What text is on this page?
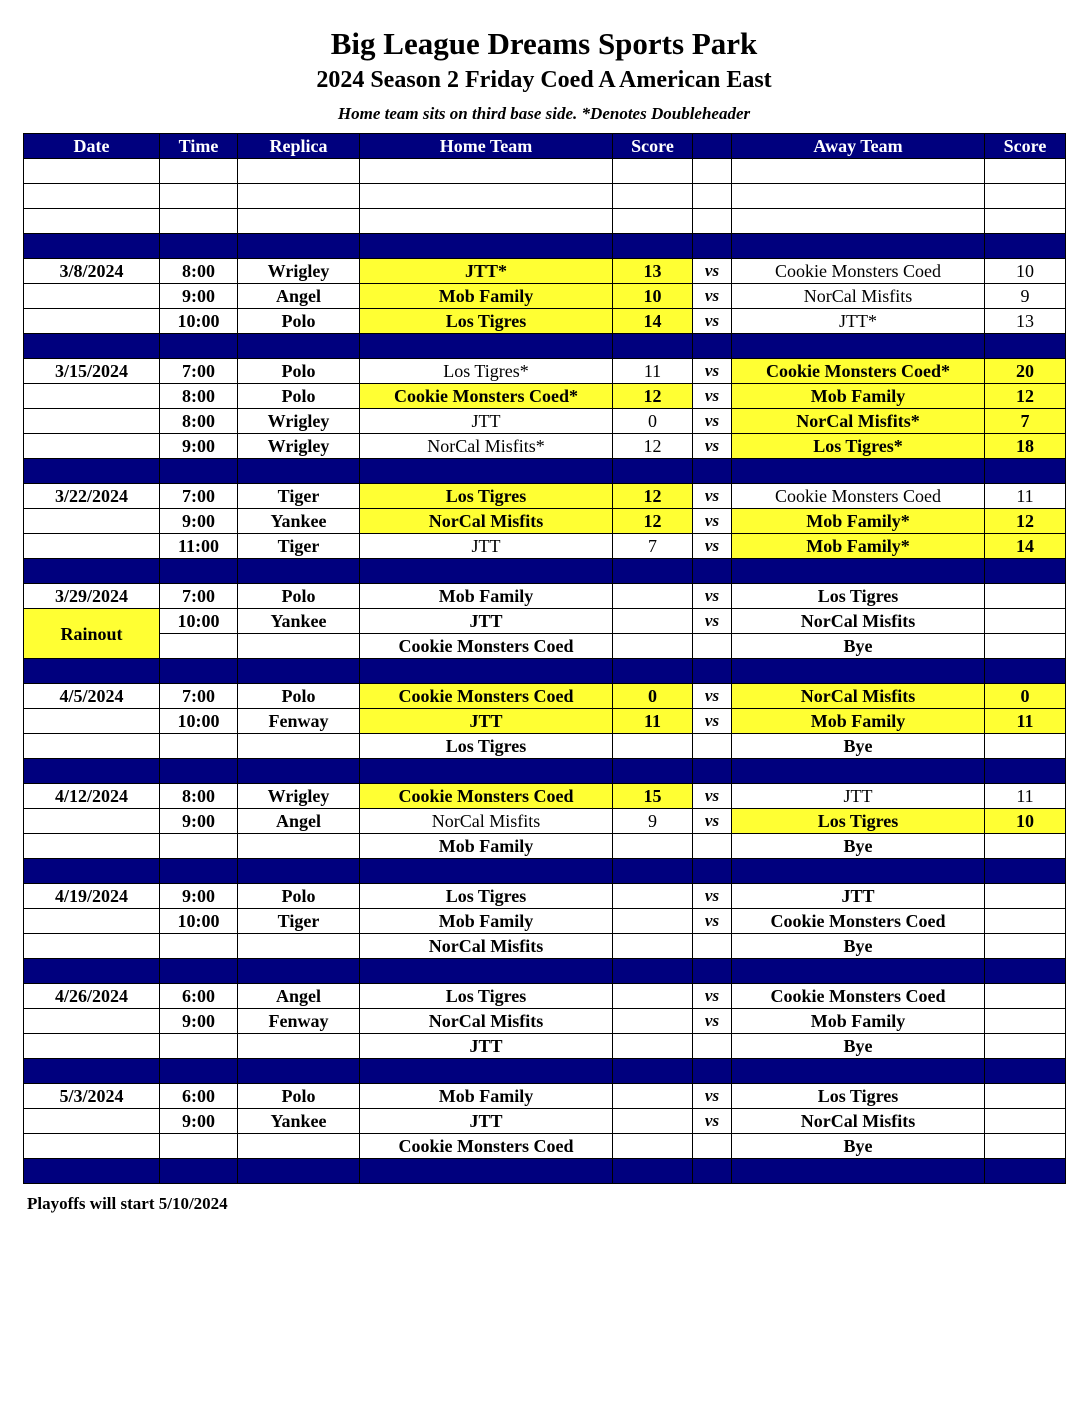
Big League Dreams Sports Park
2024 Season 2 Friday Coed A American East
Home team sits on third base side. *Denotes Doubleheader
Date	Time	Replica	Home Team	Score		Away Team	Score

3/8/2024	8:00	Wrigley	JTT*	13	vs	Cookie Monsters Coed	10
	9:00	Angel	Mob Family	10	vs	NorCal Misfits	9
	10:00	Polo	Los Tigres	14	vs	JTT*	13

3/15/2024	7:00	Polo	Los Tigres*	11	vs	Cookie Monsters Coed*	20
	8:00	Polo	Cookie Monsters Coed*	12	vs	Mob Family	12
	8:00	Wrigley	JTT	0	vs	NorCal Misfits*	7
	9:00	Wrigley	NorCal Misfits*	12	vs	Los Tigres*	18

3/22/2024	7:00	Tiger	Los Tigres	12	vs	Cookie Monsters Coed	11
	9:00	Yankee	NorCal Misfits	12	vs	Mob Family*	12
	11:00	Tiger	JTT	7	vs	Mob Family*	14

3/29/2024	7:00	Polo	Mob Family		vs	Los Tigres	
Rainout	10:00	Yankee	JTT		vs	NorCal Misfits	
			Cookie Monsters Coed			Bye	

4/5/2024	7:00	Polo	Cookie Monsters Coed	0	vs	NorCal Misfits	0
	10:00	Fenway	JTT	11	vs	Mob Family	11
			Los Tigres			Bye	

4/12/2024	8:00	Wrigley	Cookie Monsters Coed	15	vs	JTT	11
	9:00	Angel	NorCal Misfits	9	vs	Los Tigres	10
			Mob Family			Bye	

4/19/2024	9:00	Polo	Los Tigres		vs	JTT	
	10:00	Tiger	Mob Family		vs	Cookie Monsters Coed	
			NorCal Misfits			Bye	

4/26/2024	6:00	Angel	Los Tigres		vs	Cookie Monsters Coed	
	9:00	Fenway	NorCal Misfits		vs	Mob Family	
			JTT			Bye	

5/3/2024	6:00	Polo	Mob Family		vs	Los Tigres	
	9:00	Yankee	JTT		vs	NorCal Misfits	
			Cookie Monsters Coed			Bye	

Playoffs will start 5/10/2024
